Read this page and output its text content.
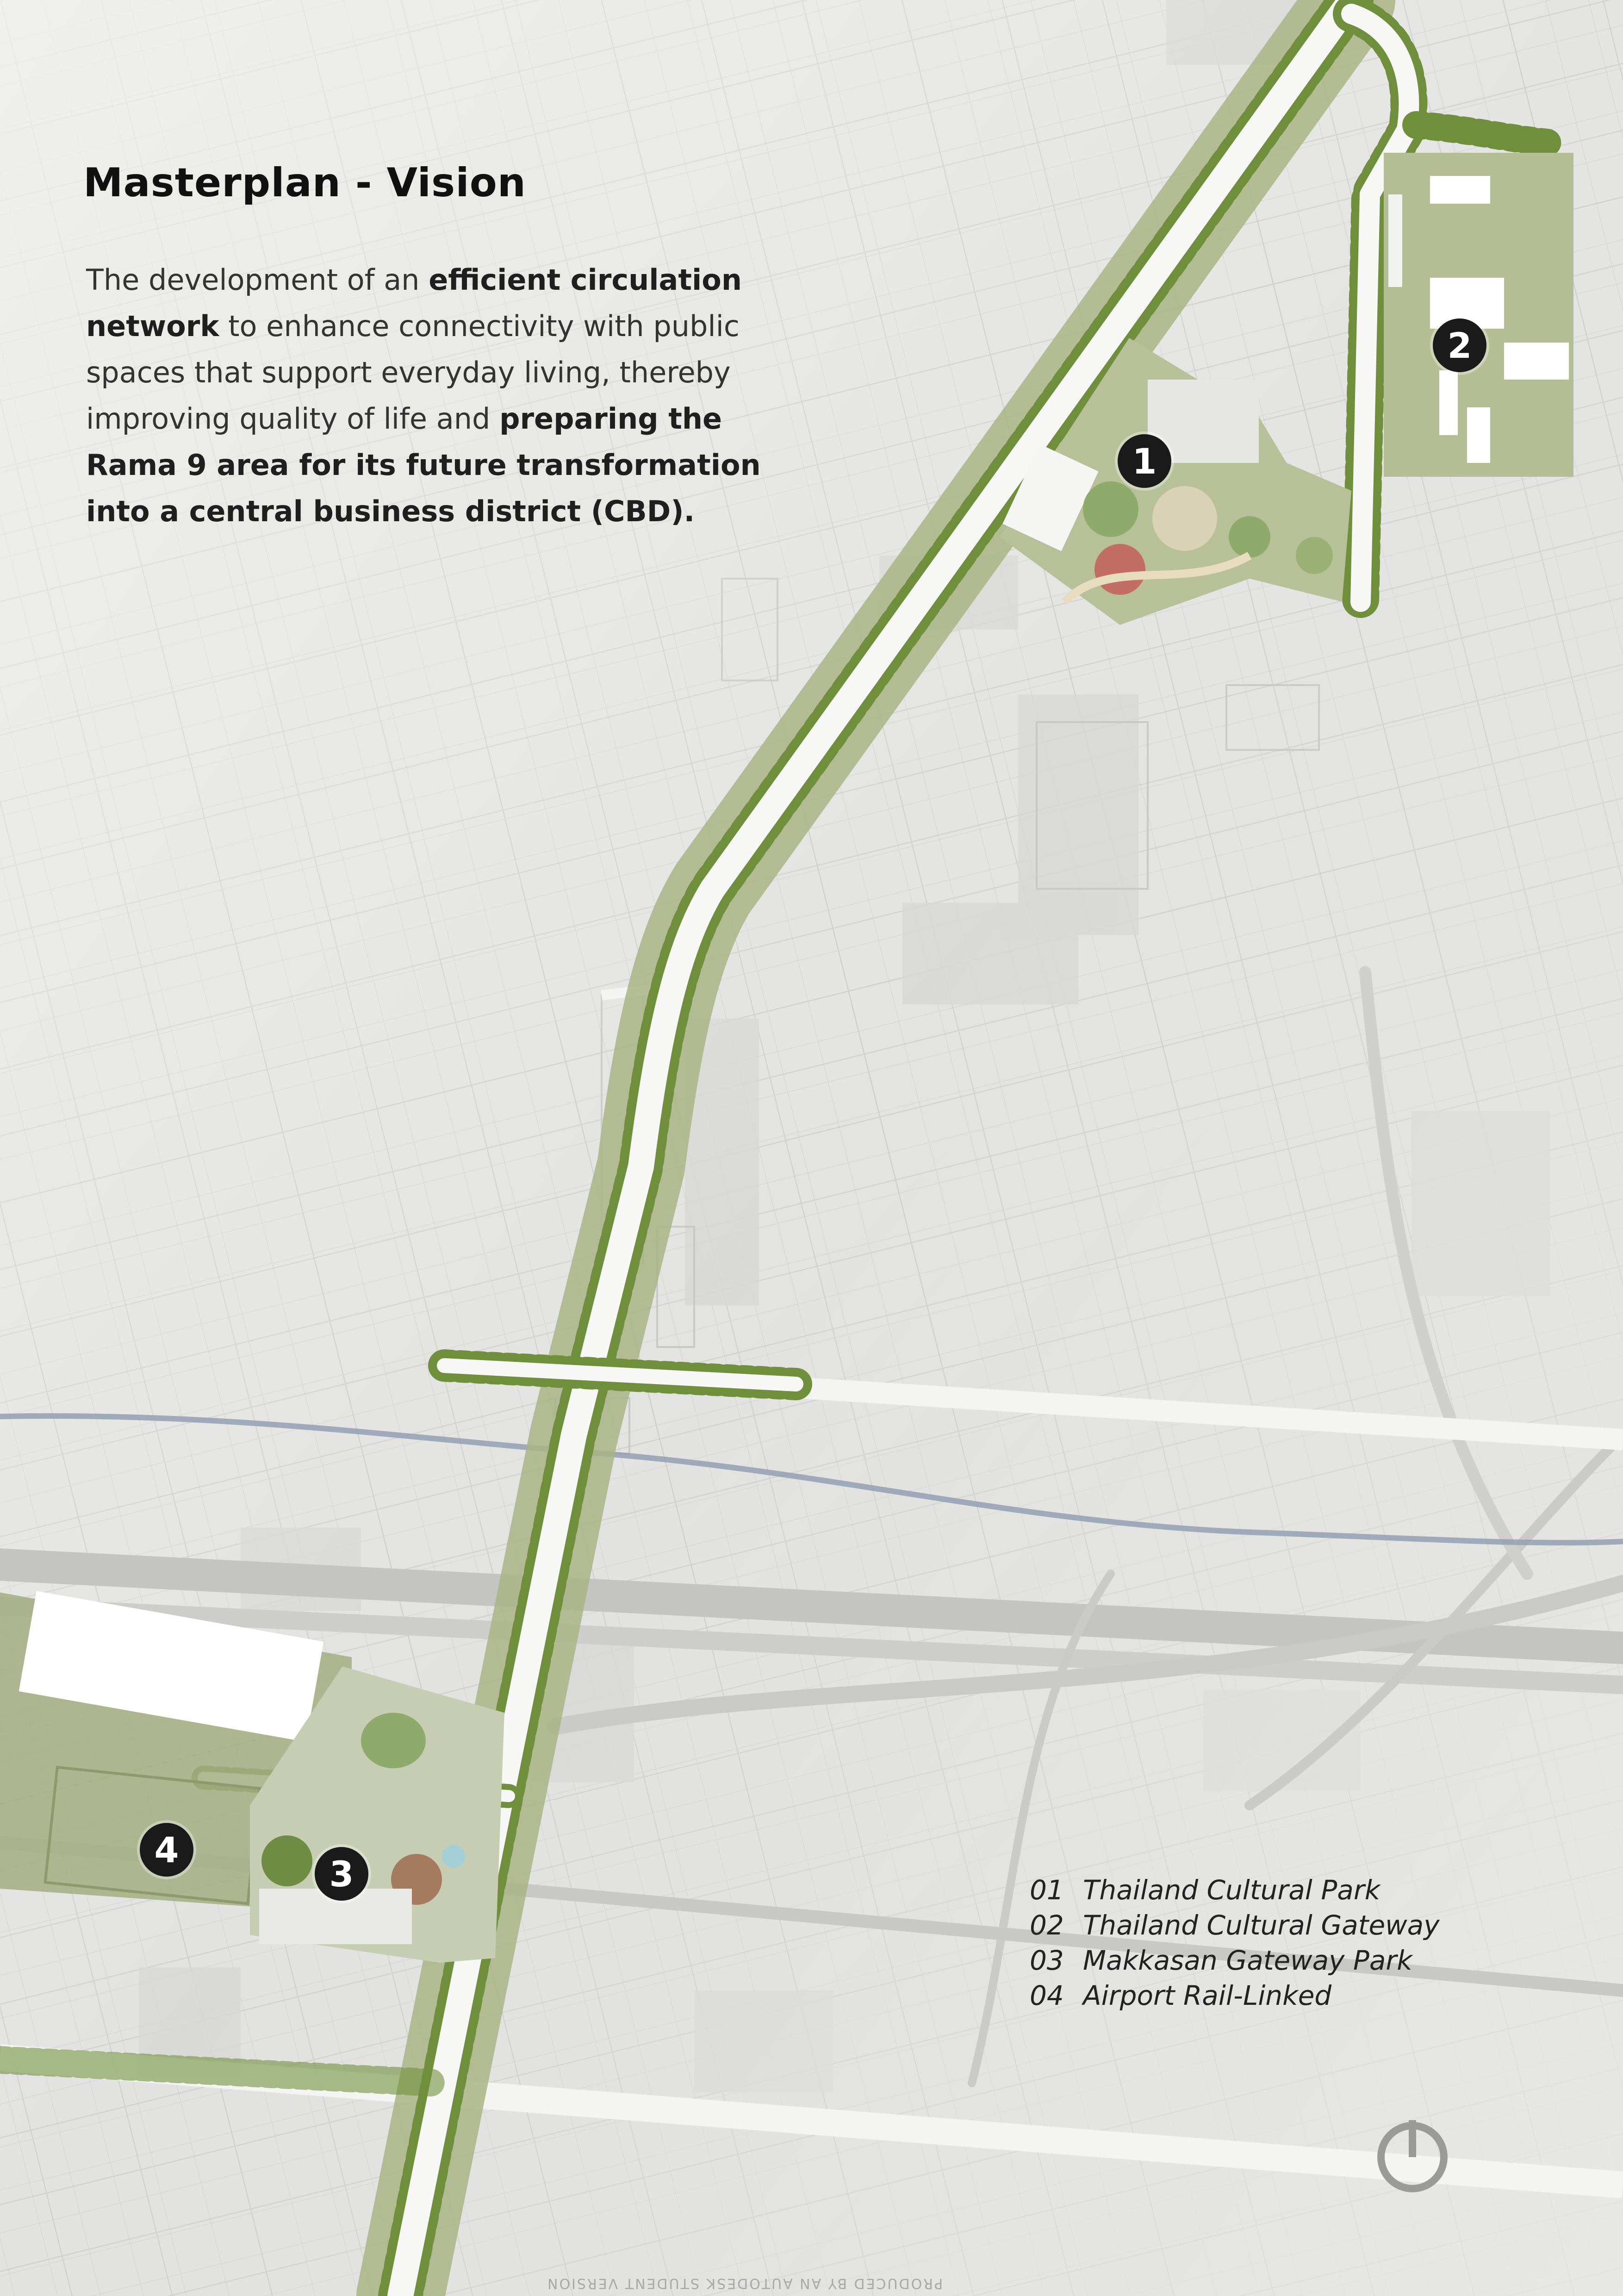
Masterplan - Vision

The development of an efficient circulation network to enhance connectivity with public spaces that support everyday living, thereby improving quality of life and preparing the Rama 9 area for its future transformation into a central business district (CBD).

1
2
3
4
01 Thailand Cultural Park
02 Thailand Cultural Gateway
03 Makkasan Gateway Park
04 Airport Rail-Linked

PRODUCED BY AN AUTODESK STUDENT VERSION
